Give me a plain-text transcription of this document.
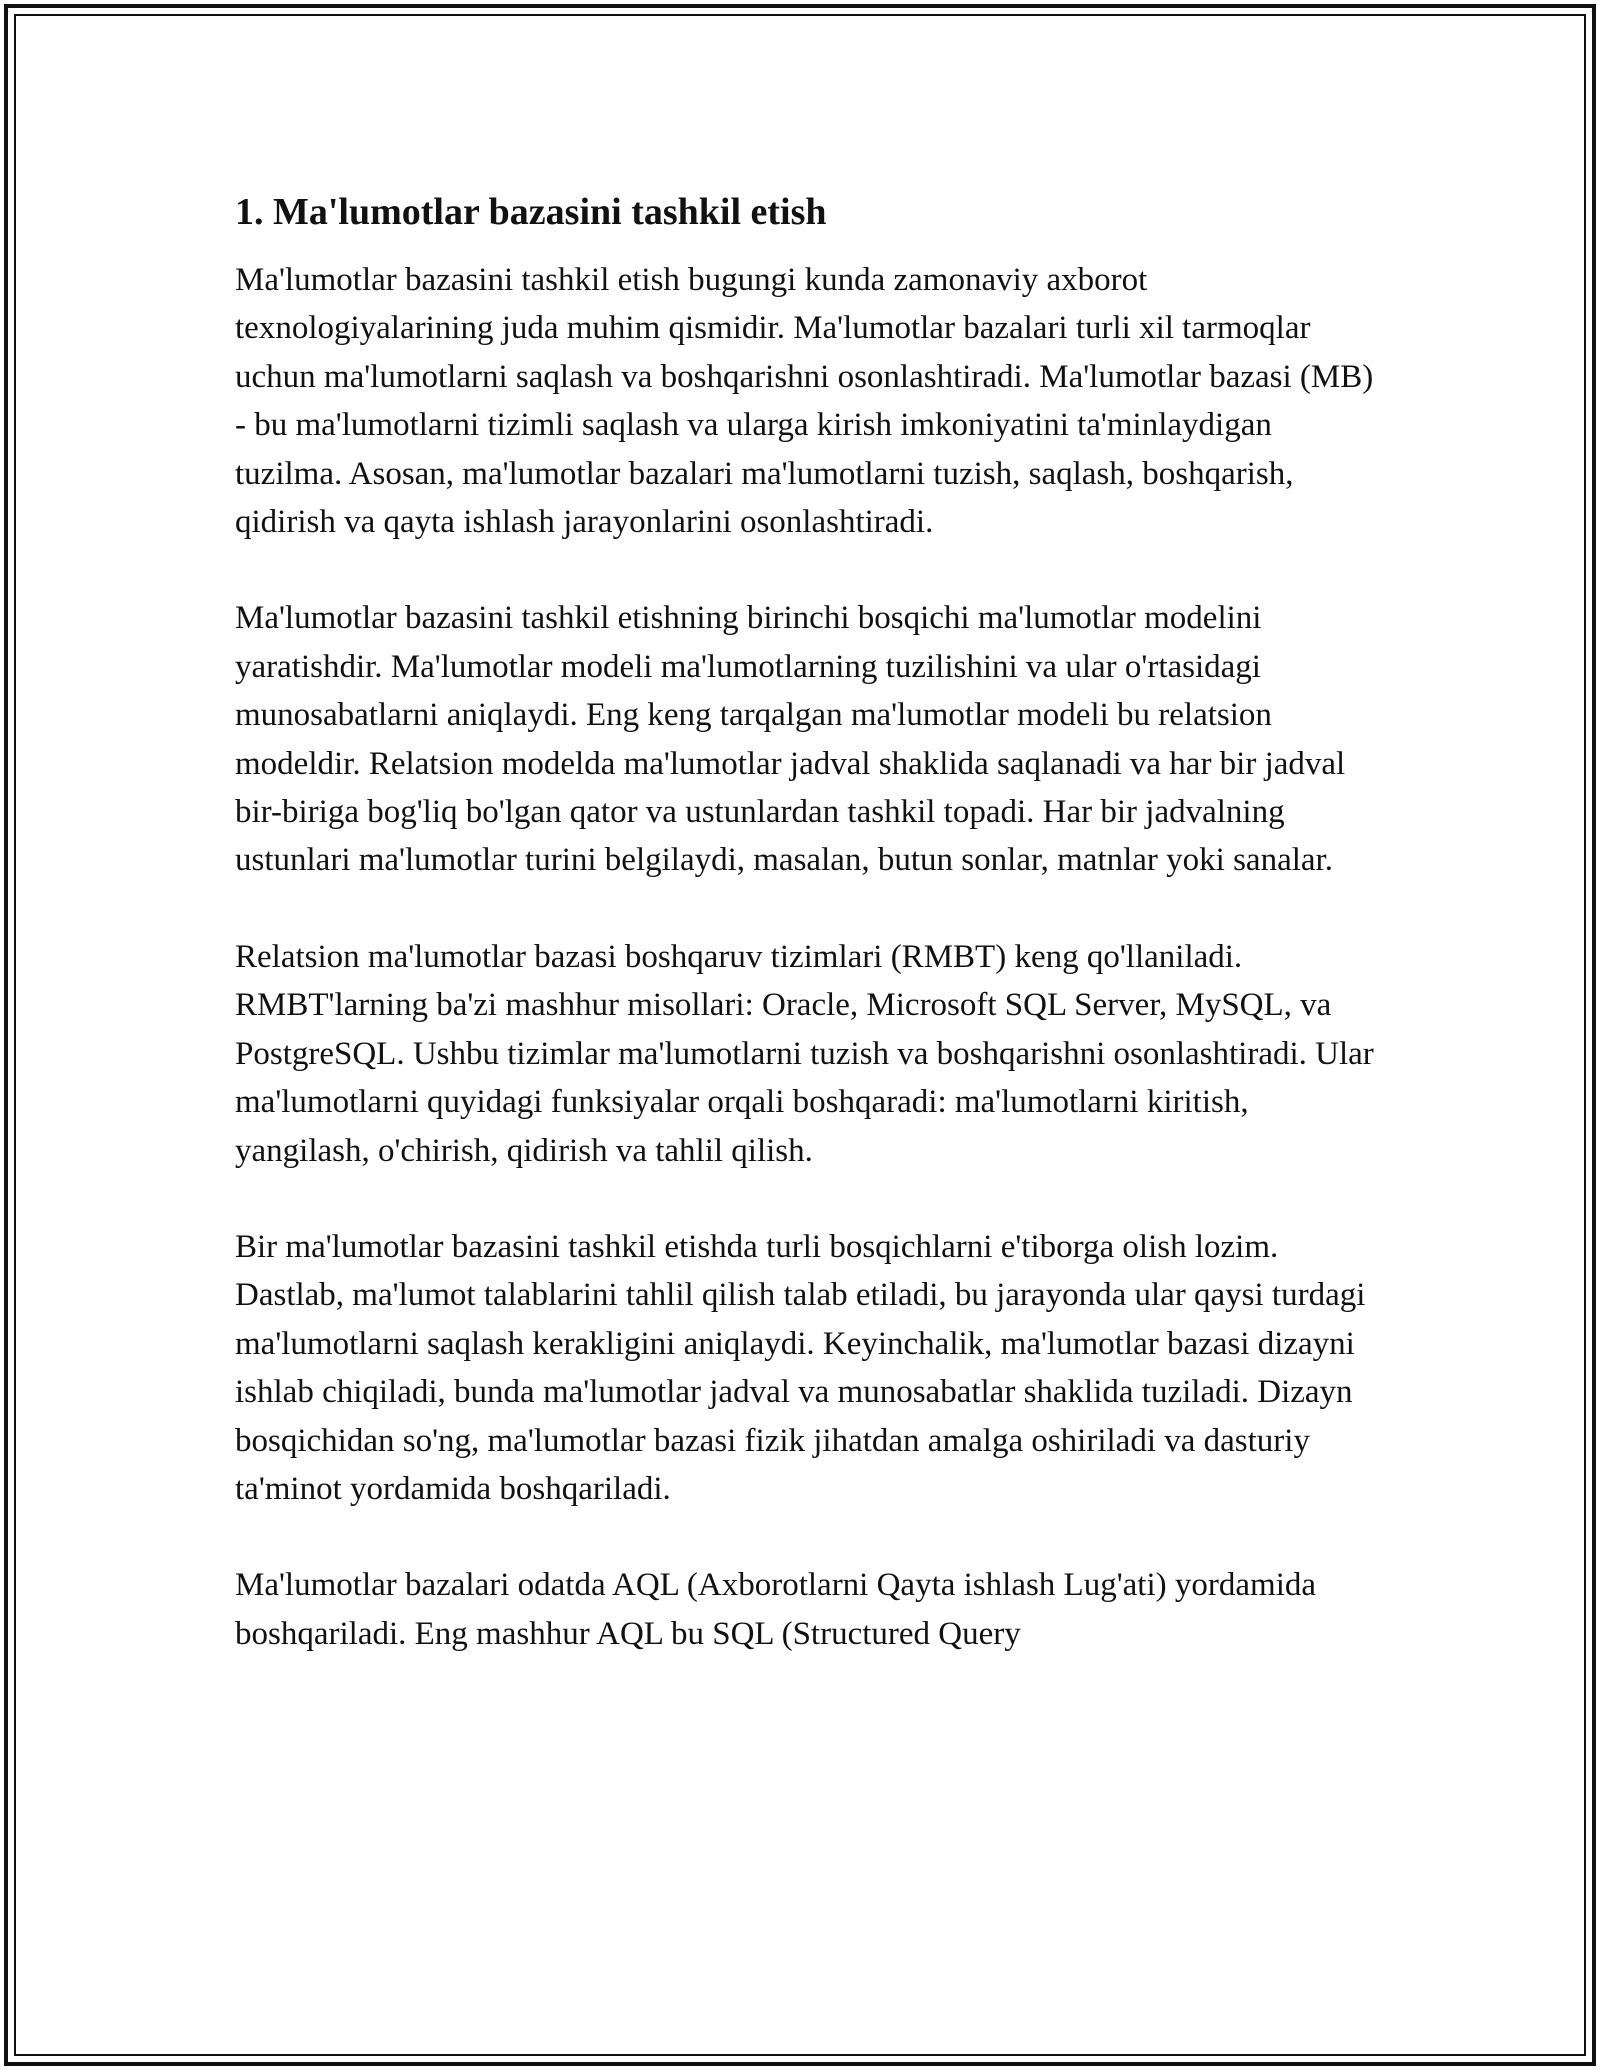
1. Ma'lumotlar bazasini tashkil etish

Ma'lumotlar bazasini tashkil etish bugungi kunda zamonaviy axborot texnologiyalarining juda muhim qismidir. Ma'lumotlar bazalari turli xil tarmoqlar uchun ma'lumotlarni saqlash va boshqarishni osonlashtiradi. Ma'lumotlar bazasi (MB) - bu ma'lumotlarni tizimli saqlash va ularga kirish imkoniyatini ta'minlaydigan tuzilma. Asosan, ma'lumotlar bazalari ma'lumotlarni tuzish, saqlash, boshqarish, qidirish va qayta ishlash jarayonlarini osonlashtiradi.

Ma'lumotlar bazasini tashkil etishning birinchi bosqichi ma'lumotlar modelini yaratishdir. Ma'lumotlar modeli ma'lumotlarning tuzilishini va ular o'rtasidagi munosabatlarni aniqlaydi. Eng keng tarqalgan ma'lumotlar modeli bu relatsion modeldir. Relatsion modelda ma'lumotlar jadval shaklida saqlanadi va har bir jadval bir-biriga bog'liq bo'lgan qator va ustunlardan tashkil topadi. Har bir jadvalning ustunlari ma'lumotlar turini belgilaydi, masalan, butun sonlar, matnlar yoki sanalar.

Relatsion ma'lumotlar bazasi boshqaruv tizimlari (RMBT) keng qo'llaniladi. RMBT'larning ba'zi mashhur misollari: Oracle, Microsoft SQL Server, MySQL, va PostgreSQL. Ushbu tizimlar ma'lumotlarni tuzish va boshqarishni osonlashtiradi. Ular ma'lumotlarni quyidagi funksiyalar orqali boshqaradi: ma'lumotlarni kiritish, yangilash, o'chirish, qidirish va tahlil qilish.

Bir ma'lumotlar bazasini tashkil etishda turli bosqichlarni e'tiborga olish lozim. Dastlab, ma'lumot talablarini tahlil qilish talab etiladi, bu jarayonda ular qaysi turdagi ma'lumotlarni saqlash kerakligini aniqlaydi. Keyinchalik, ma'lumotlar bazasi dizayni ishlab chiqiladi, bunda ma'lumotlar jadval va munosabatlar shaklida tuziladi. Dizayn bosqichidan so'ng, ma'lumotlar bazasi fizik jihatdan amalga oshiriladi va dasturiy ta'minot yordamida boshqariladi.

Ma'lumotlar bazalari odatda AQL (Axborotlarni Qayta ishlash Lug'ati) yordamida boshqariladi. Eng mashhur AQL bu SQL (Structured Query
